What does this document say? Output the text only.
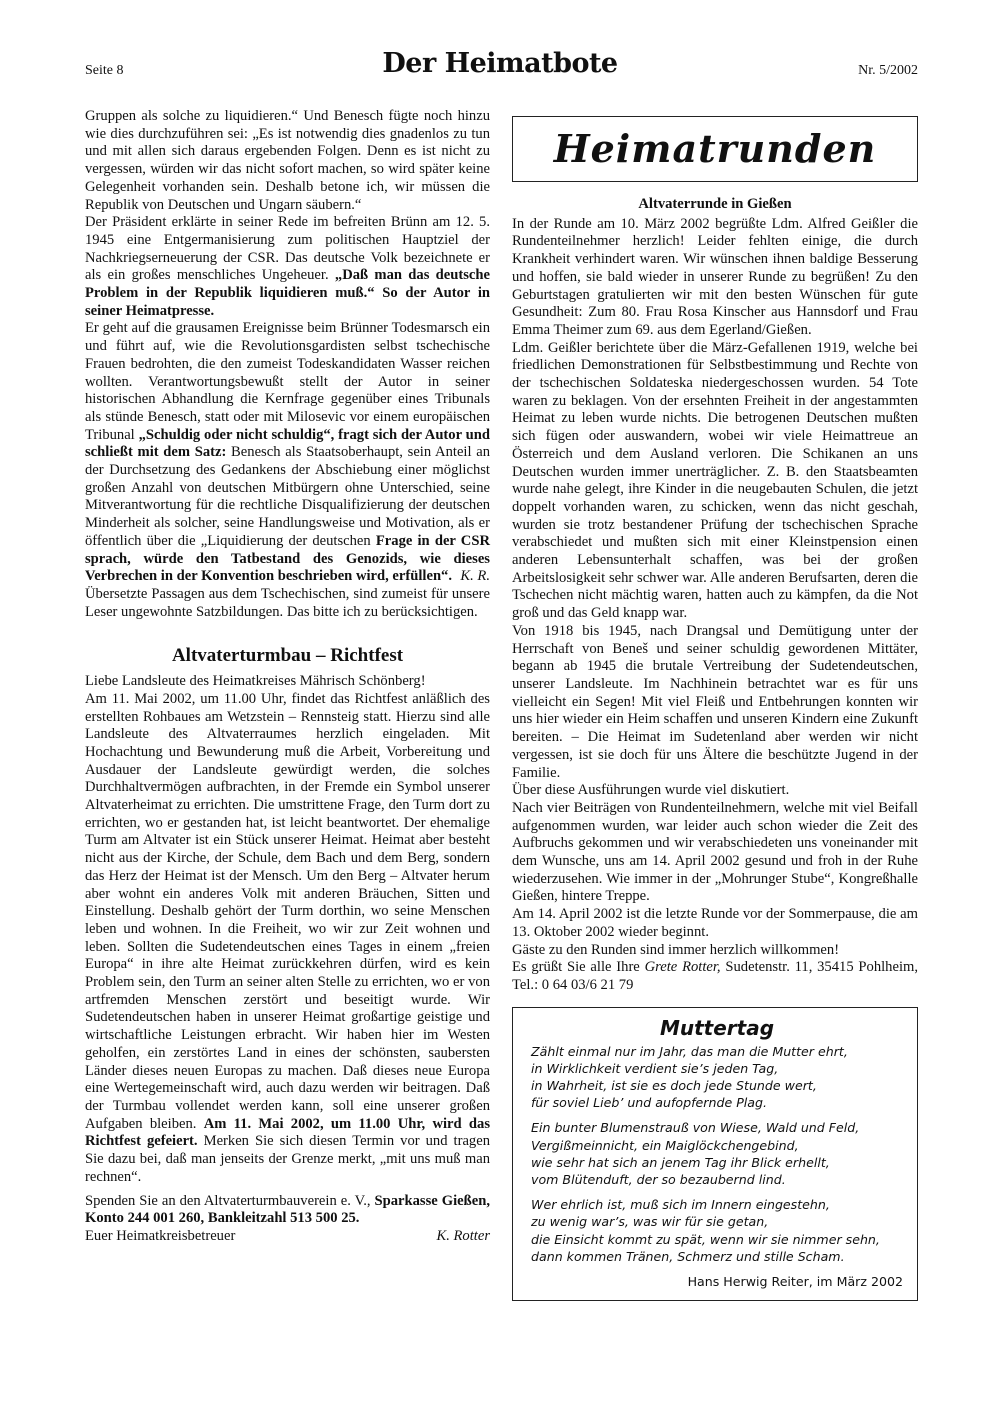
Seite 8	Der Heimatbote	Nr. 5/2002

Gruppen als solche zu liquidieren.“ Und Benesch fügte noch hinzu wie dies durchzuführen sei: „Es ist notwendig dies gnadenlos zu tun und mit allen sich daraus ergebenden Folgen. Denn es ist nicht zu vergessen, würden wir das nicht sofort machen, so wird später keine Gelegenheit vorhanden sein. Deshalb betone ich, wir müssen die Republik von Deutschen und Ungarn säubern.“

Der Präsident erklärte in seiner Rede im befreiten Brünn am 12. 5. 1945 eine Entgermanisierung zum politischen Hauptziel der Nachkriegserneuerung der CSR. Das deutsche Volk bezeichnete er als ein großes menschliches Ungeheuer. „Daß man das deutsche Problem in der Republik liquidieren muß.“ So der Autor in seiner Heimatpresse.

Er geht auf die grausamen Ereignisse beim Brünner Todesmarsch ein und führt auf, wie die Revolutionsgardisten selbst tschechische Frauen bedrohten, die den zumeist Todeskandidaten Wasser reichen wollten. Verantwortungsbewußt stellt der Autor in seiner historischen Abhandlung die Kernfrage gegenüber eines Tribunals als stünde Benesch, statt oder mit Milosevic vor einem europäischen Tribunal „Schuldig oder nicht schuldig“, fragt sich der Autor und schließt mit dem Satz: Benesch als Staatsoberhaupt, sein Anteil an der Durchsetzung des Gedankens der Abschiebung einer möglichst großen Anzahl von deutschen Mitbürgern ohne Unterschied, seine Mitverantwortung für die rechtliche Disqualifizierung der deutschen Minderheit als solcher, seine Handlungsweise und Motivation, als er öffentlich über die „Liquidierung der deutschen Frage in der CSR sprach, würde den Tatbestand des Genozids, wie dieses Verbrechen in der Konvention beschrieben wird, erfüllen“. K. R.

Übersetzte Passagen aus dem Tschechischen, sind zumeist für unsere Leser ungewohnte Satzbildungen. Das bitte ich zu berücksichtigen.

Altvaterturmbau – Richtfest

Liebe Landsleute des Heimatkreises Mährisch Schönberg!

Am 11. Mai 2002, um 11.00 Uhr, findet das Richtfest anläßlich des erstellten Rohbaues am Wetzstein – Rennsteig statt. Hierzu sind alle Landsleute des Altvaterraumes herzlich eingeladen. Mit Hochachtung und Bewunderung muß die Arbeit, Vorbereitung und Ausdauer der Landsleute gewürdigt werden, die solches Durchhaltvermögen aufbrachten, in der Fremde ein Symbol unserer Altvaterheimat zu errichten. Die umstrittene Frage, den Turm dort zu errichten, wo er gestanden hat, ist leicht beantwortet. Der ehemalige Turm am Altvater ist ein Stück unserer Heimat. Heimat aber besteht nicht aus der Kirche, der Schule, dem Bach und dem Berg, sondern das Herz der Heimat ist der Mensch. Um den Berg – Altvater herum aber wohnt ein anderes Volk mit anderen Bräuchen, Sitten und Einstellung. Deshalb gehört der Turm dorthin, wo seine Menschen leben und wohnen. In die Freiheit, wo wir zur Zeit wohnen und leben. Sollten die Sudetendeutschen eines Tages in einem „freien Europa“ in ihre alte Heimat zurückkehren dürfen, wird es kein Problem sein, den Turm an seiner alten Stelle zu errichten, wo er von artfremden Menschen zerstört und beseitigt wurde. Wir Sudetendeutschen haben in unserer Heimat großartige geistige und wirtschaftliche Leistungen erbracht. Wir haben hier im Westen geholfen, ein zerstörtes Land in eines der schönsten, saubersten Länder dieses neuen Europas zu machen. Daß dieses neue Europa eine Wertegemeinschaft wird, auch dazu werden wir beitragen. Daß der Turmbau vollendet werden kann, soll eine unserer großen Aufgaben bleiben. Am 11. Mai 2002, um 11.00 Uhr, wird das Richtfest gefeiert. Merken Sie sich diesen Termin vor und tragen Sie dazu bei, daß man jenseits der Grenze merkt, „mit uns muß man rechnen“.

Spenden Sie an den Altvaterturmbauverein e. V., Sparkasse Gießen, Konto 244 001 260, Bankleitzahl 513 500 25.

Euer Heimatkreisbetreuer	K. Rotter
Heimatrunden
Altvaterrunde in Gießen

In der Runde am 10. März 2002 begrüßte Ldm. Alfred Geißler die Rundenteilnehmer herzlich! Leider fehlten einige, die durch Krankheit verhindert waren. Wir wünschen ihnen baldige Besserung und hoffen, sie bald wieder in unserer Runde zu begrüßen! Zu den Geburtstagen gratulierten wir mit den besten Wünschen für gute Gesundheit: Zum 80. Frau Rosa Kinscher aus Hannsdorf und Frau Emma Theimer zum 69. aus dem Egerland/Gießen.

Ldm. Geißler berichtete über die März-Gefallenen 1919, welche bei friedlichen Demonstrationen für Selbstbestimmung und Rechte von der tschechischen Soldateska niedergeschossen wurden. 54 Tote waren zu beklagen. Von der ersehnten Freiheit in der angestammten Heimat zu leben wurde nichts. Die betrogenen Deutschen mußten sich fügen oder auswandern, wobei wir viele Heimattreue an Österreich und dem Ausland verloren. Die Schikanen an uns Deutschen wurden immer unerträglicher. Z. B. den Staatsbeamten wurde nahe gelegt, ihre Kinder in die neugebauten Schulen, die jetzt doppelt vorhanden waren, zu schicken, wenn das nicht geschah, wurden sie trotz bestandener Prüfung der tschechischen Sprache verabschiedet und mußten sich mit einer Kleinstpension einen anderen Lebensunterhalt schaffen, was bei der großen Arbeitslosigkeit sehr schwer war. Alle anderen Berufsarten, deren die Tschechen nicht mächtig waren, hatten auch zu kämpfen, da die Not groß und das Geld knapp war.

Von 1918 bis 1945, nach Drangsal und Demütigung unter der Herrschaft von Beneš und seiner schuldig gewordenen Mittäter, begann ab 1945 die brutale Vertreibung der Sudetendeutschen, unserer Landsleute. Im Nachhinein betrachtet war es für uns vielleicht ein Segen! Mit viel Fleiß und Entbehrungen konnten wir uns hier wieder ein Heim schaffen und unseren Kindern eine Zukunft bereiten. – Die Heimat im Sudetenland aber werden wir nicht vergessen, ist sie doch für uns Ältere die beschützte Jugend in der Familie.

Über diese Ausführungen wurde viel diskutiert.

Nach vier Beiträgen von Rundenteilnehmern, welche mit viel Beifall aufgenommen wurden, war leider auch schon wieder die Zeit des Aufbruchs gekommen und wir verabschiedeten uns voneinander mit dem Wunsche, uns am 14. April 2002 gesund und froh in der Ruhe wiederzusehen. Wie immer in der „Mohrunger Stube“, Kongreßhalle Gießen, hintere Treppe.

Am 14. April 2002 ist die letzte Runde vor der Sommerpause, die am 13. Oktober 2002 wieder beginnt.

Gäste zu den Runden sind immer herzlich willkommen!

Es grüßt Sie alle Ihre Grete Rotter, Sudetenstr. 11, 35415 Pohlheim, Tel.: 0 64 03/6 21 79

Muttertag
Zählt einmal nur im Jahr, das man die Mutter ehrt,
in Wirklichkeit verdient sie’s jeden Tag,
in Wahrheit, ist sie es doch jede Stunde wert,
für soviel Lieb’ und aufopfernde Plag.
Ein bunter Blumenstrauß von Wiese, Wald und Feld,
Vergißmeinnicht, ein Maiglöckchengebind,
wie sehr hat sich an jenem Tag ihr Blick erhellt,
vom Blütenduft, der so bezaubernd lind.
Wer ehrlich ist, muß sich im Innern eingestehn,
zu wenig war’s, was wir für sie getan,
die Einsicht kommt zu spät, wenn wir sie nimmer sehn,
dann kommen Tränen, Schmerz und stille Scham.
Hans Herwig Reiter, im März 2002
